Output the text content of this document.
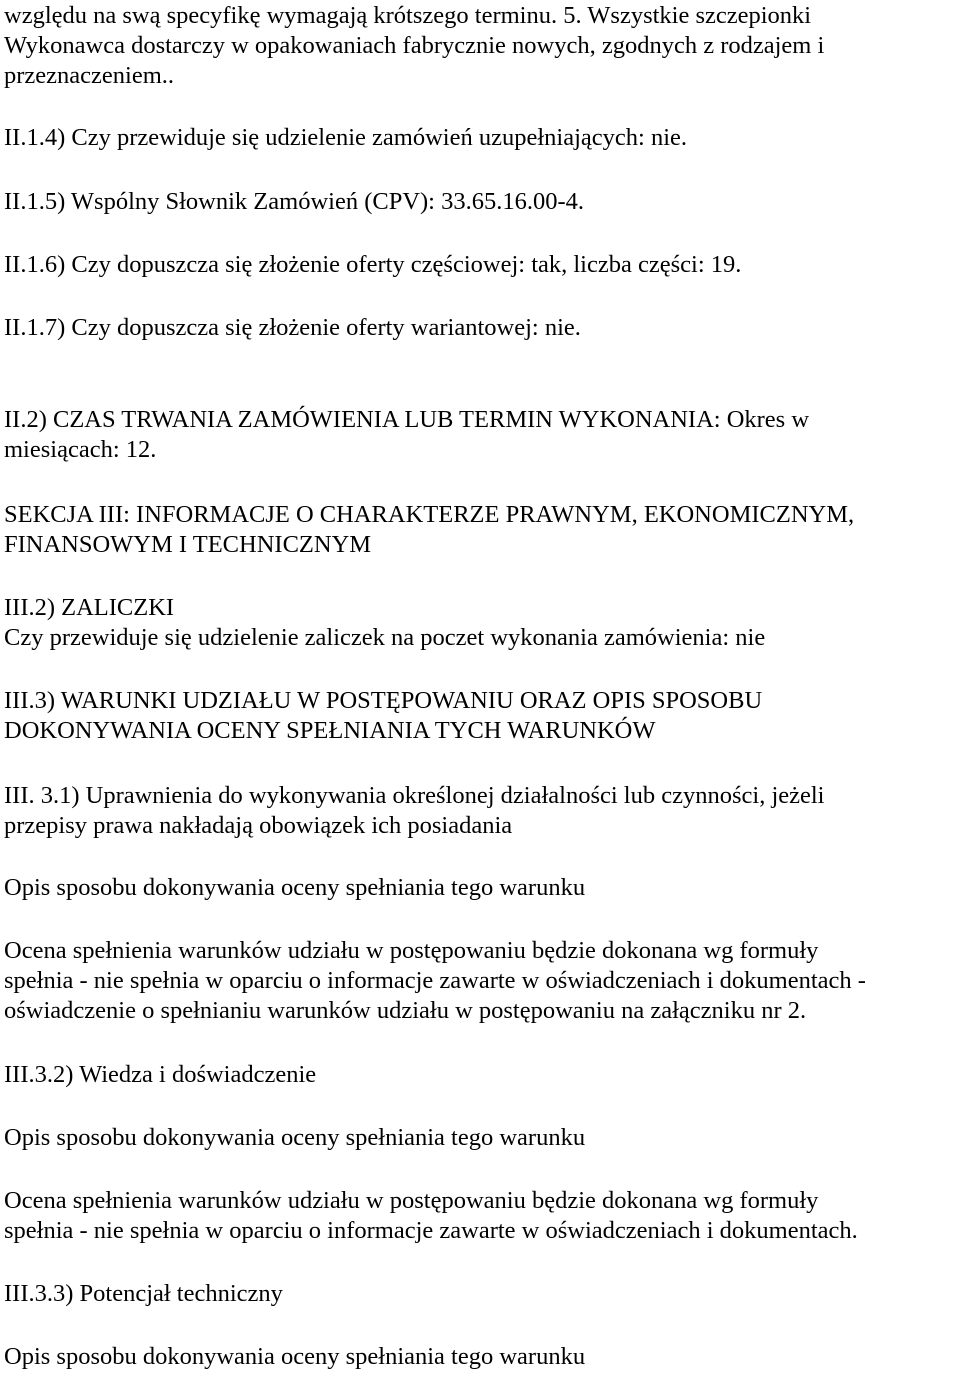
względu na swą specyfikę wymagają krótszego terminu. 5. Wszystkie szczepionki
Wykonawca dostarczy w opakowaniach fabrycznie nowych, zgodnych z rodzajem i
przeznaczeniem..
II.1.4) Czy przewiduje się udzielenie zamówień uzupełniających: nie.
II.1.5) Wspólny Słownik Zamówień (CPV): 33.65.16.00-4.
II.1.6) Czy dopuszcza się złożenie oferty częściowej: tak, liczba części: 19.
II.1.7) Czy dopuszcza się złożenie oferty wariantowej: nie.
II.2) CZAS TRWANIA ZAMÓWIENIA LUB TERMIN WYKONANIA: Okres w
miesiącach: 12.
SEKCJA III: INFORMACJE O CHARAKTERZE PRAWNYM, EKONOMICZNYM,
FINANSOWYM I TECHNICZNYM
III.2) ZALICZKI
Czy przewiduje się udzielenie zaliczek na poczet wykonania zamówienia: nie
III.3) WARUNKI UDZIAŁU W POSTĘPOWANIU ORAZ OPIS SPOSOBU
DOKONYWANIA OCENY SPEŁNIANIA TYCH WARUNKÓW
III. 3.1) Uprawnienia do wykonywania określonej działalności lub czynności, jeżeli
przepisy prawa nakładają obowiązek ich posiadania
Opis sposobu dokonywania oceny spełniania tego warunku
Ocena spełnienia warunków udziału w postępowaniu będzie dokonana wg formuły
spełnia - nie spełnia w oparciu o informacje zawarte w oświadczeniach i dokumentach -
oświadczenie o spełnianiu warunków udziału w postępowaniu na załączniku nr 2.
III.3.2) Wiedza i doświadczenie
Opis sposobu dokonywania oceny spełniania tego warunku
Ocena spełnienia warunków udziału w postępowaniu będzie dokonana wg formuły
spełnia - nie spełnia w oparciu o informacje zawarte w oświadczeniach i dokumentach.
III.3.3) Potencjał techniczny
Opis sposobu dokonywania oceny spełniania tego warunku
